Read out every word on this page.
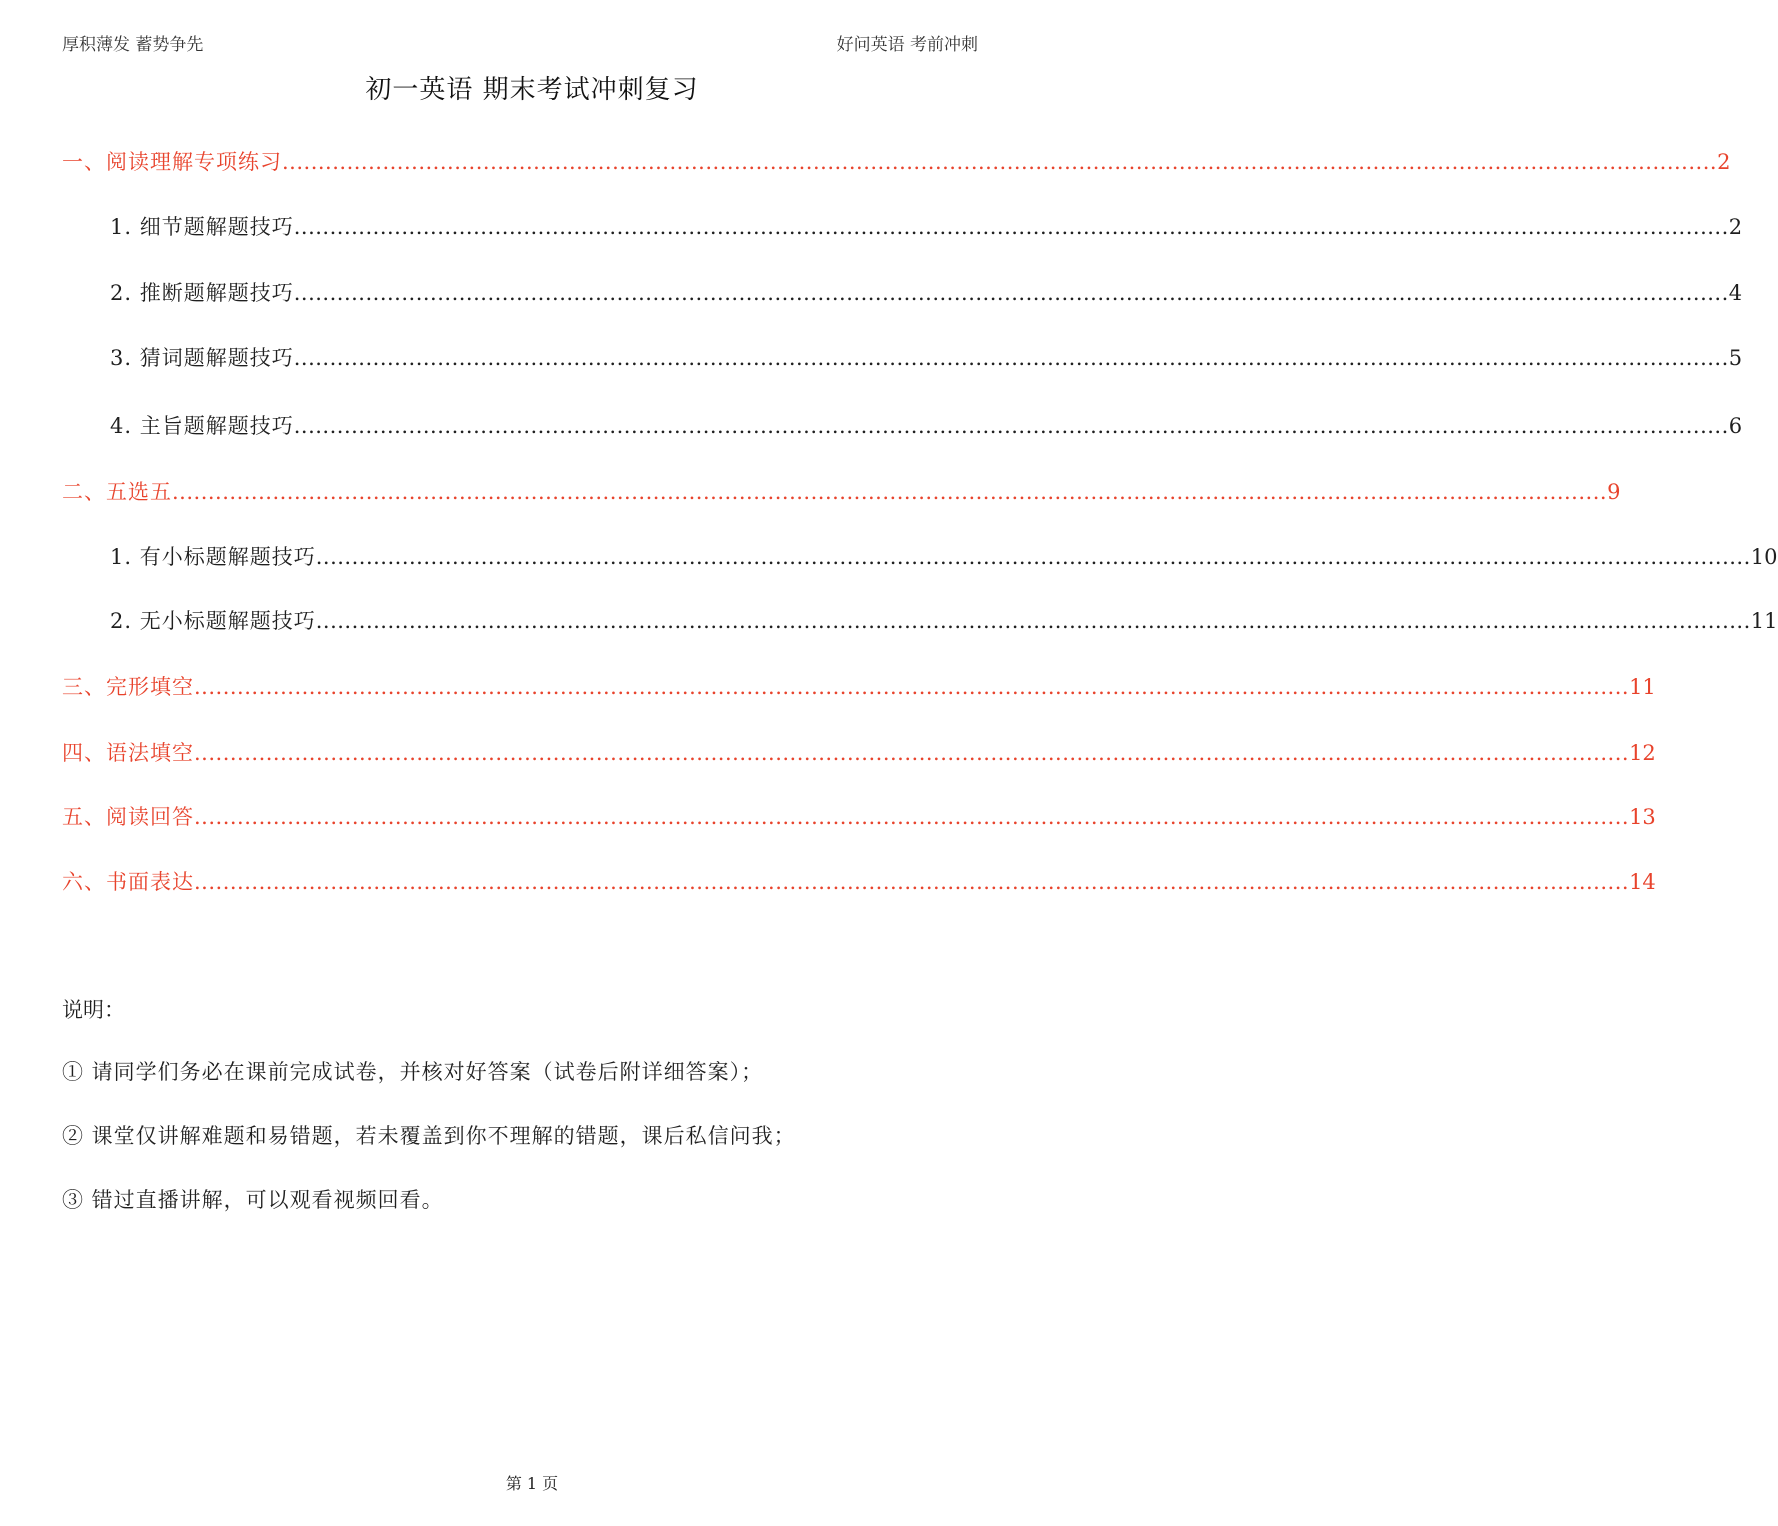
厚积薄发 蓄势争先	好问英语 考前冲刺
初一英语 期末考试冲刺复习
一、阅读理解专项练习 ........................................................................................................................................................................................................ 2
1. 细节题解题技巧 ........................................................................................................................................................................................................ 2
2. 推断题解题技巧 ........................................................................................................................................................................................................ 4
3. 猜词题解题技巧 ........................................................................................................................................................................................................ 5
4. 主旨题解题技巧 ........................................................................................................................................................................................................ 6
二、五选五 ........................................................................................................................................................................................................ 9
1. 有小标题解题技巧 ........................................................................................................................................................................................................ 10
2. 无小标题解题技巧 ........................................................................................................................................................................................................ 11
三、完形填空 ........................................................................................................................................................................................................ 11
四、语法填空 ........................................................................................................................................................................................................ 12
五、阅读回答 ........................................................................................................................................................................................................ 13
六、书面表达 ........................................................................................................................................................................................................ 14
说明：
① 请同学们务必在课前完成试卷，并核对好答案（试卷后附详细答案）；
② 课堂仅讲解难题和易错题，若未覆盖到你不理解的错题，课后私信问我；
③ 错过直播讲解，可以观看视频回看。
第 1 页
